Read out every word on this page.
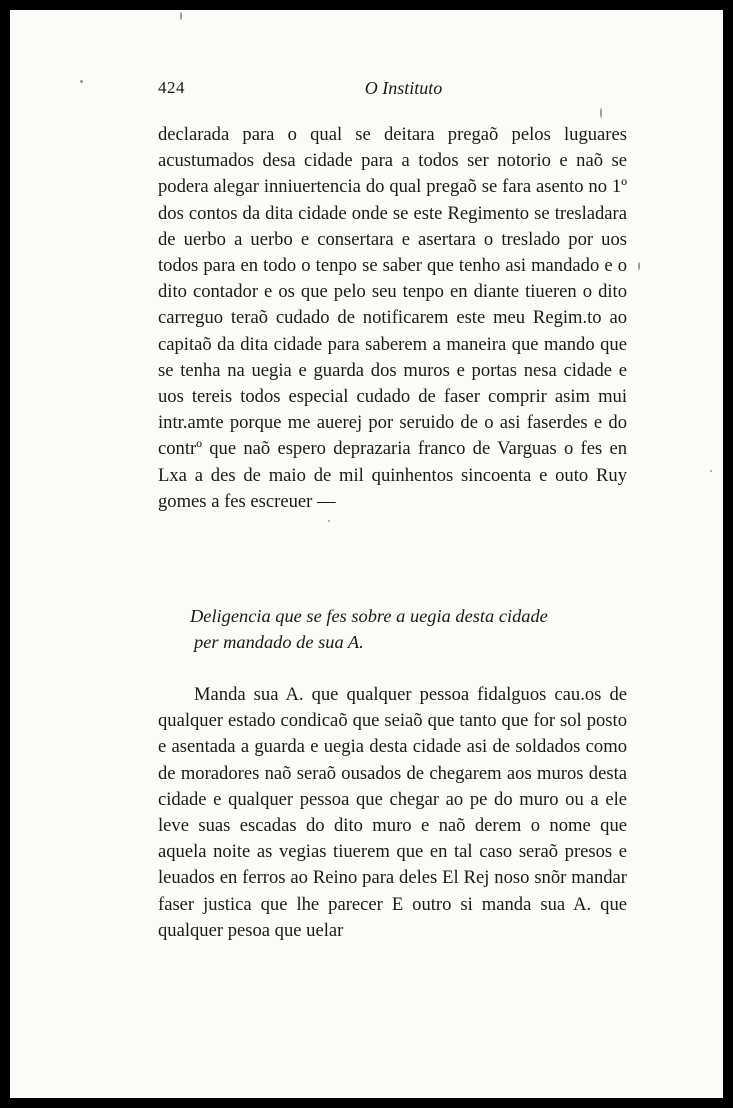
424	O Instituto

declarada para o qual se deitara pregaõ pelos luguares acustumados desa cidade para a todos ser notorio e naõ se podera alegar inniuertencia do qual pregaõ se fara asento no 1º dos contos da dita cidade onde se este Regimento se tresladara de uerbo a uerbo e consertara e asertara o treslado por uos todos para en todo o tenpo se saber que tenho asi mandado e o dito contador e os que pelo seu tenpo en diante tiueren o dito carreguo teraõ cudado de notificarem este meu Regim.to ao capitaõ da dita cidade para saberem a maneira que mando que se tenha na uegia e guarda dos muros e portas nesa cidade e uos tereis todos especial cudado de faser comprir asim mui intr.amte porque me auerej por seruido de o asi faserdes e do contrº que naõ espero deprazaria franco de Varguas o fes en Lxa a des de maio de mil quinhentos sincoenta e outo Ruy gomes a fes escreuer —

Deligencia que se fes sobre a uegia desta cidade

per mandado de sua A.

Manda sua A. que qualquer pessoa fidalguos cau.os de qualquer estado condicaõ que seiaõ que tanto que for sol posto e asentada a guarda e uegia desta cidade asi de soldados como de moradores naõ seraõ ousados de chegarem aos muros desta cidade e qualquer pessoa que chegar ao pe do muro ou a ele leve suas escadas do dito muro e naõ derem o nome que aquela noite as vegias tiuerem que en tal caso seraõ presos e leuados en ferros ao Reino para deles El Rej noso snõr mandar faser justica que lhe parecer E outro si manda sua A. que qualquer pesoa que uelar
